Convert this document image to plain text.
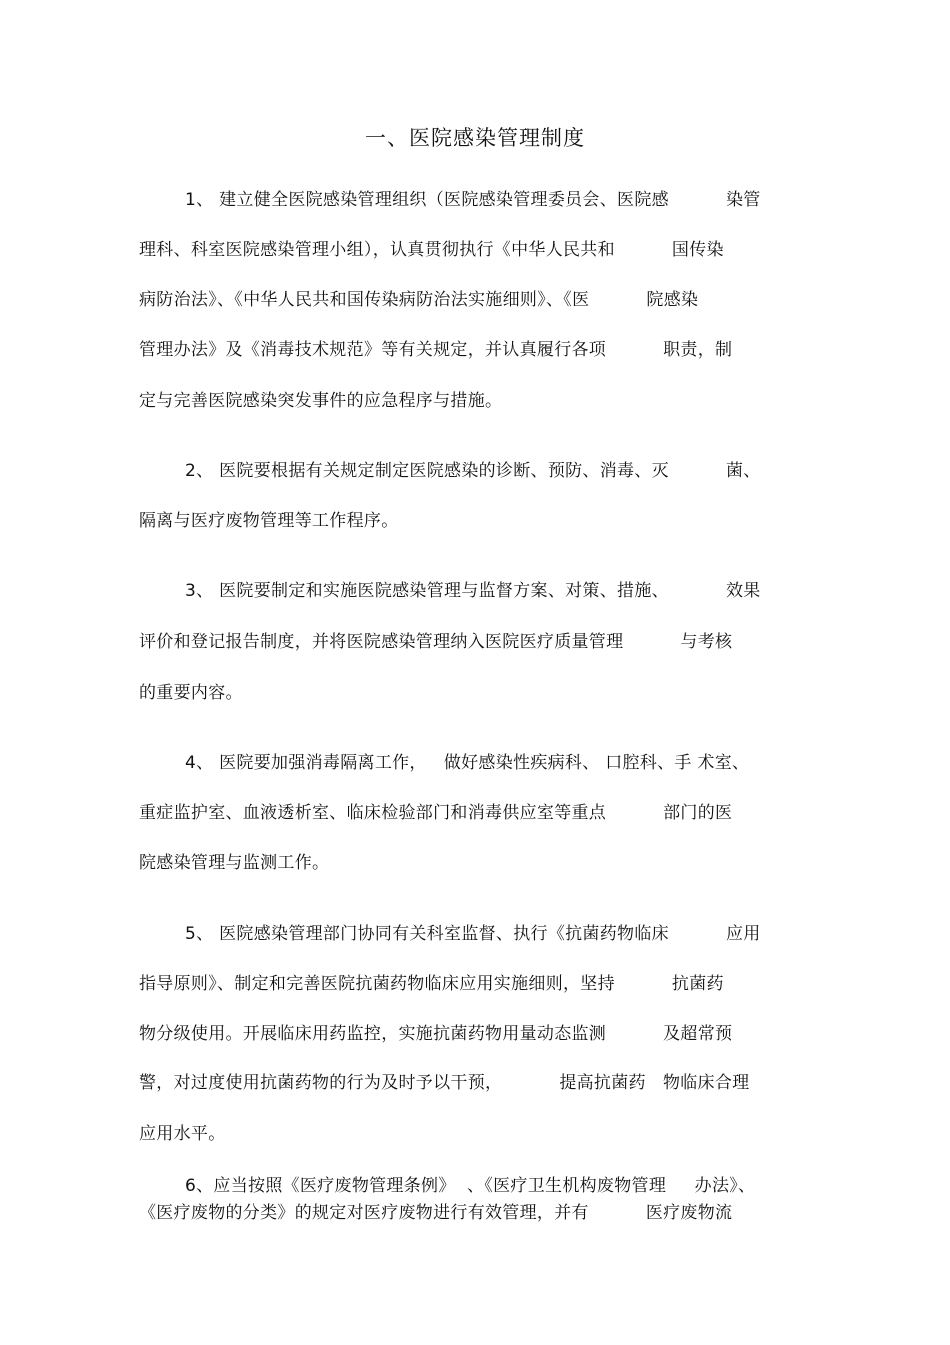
一、医院感染管理制度
1、 建立健全医院感染管理组织（医院感染管理委员会、医院感          染管
理科、科室医院感染管理小组），认真贯彻执行《中华人民共和          国传染
病防治法》、《中华人民共和国传染病防治法实施细则》、《医          院感染
管理办法》及《消毒技术规范》等有关规定，并认真履行各项          职责，制
定与完善医院感染突发事件的应急程序与措施。
2、 医院要根据有关规定制定医院感染的诊断、预防、消毒、灭          菌、
隔离与医疗废物管理等工作程序。
3、 医院要制定和实施医院感染管理与监督方案、对策、措施、          效果
评价和登记报告制度，并将医院感染管理纳入医院医疗质量管理          与考核
的重要内容。
4、 医院要加强消毒隔离工作，   做好感染性疾病科、 口腔科、手 术室、
重症监护室、血液透析室、临床检验部门和消毒供应室等重点          部门的医
院感染管理与监测工作。
5、 医院感染管理部门协同有关科室监督、执行《抗菌药物临床          应用
指导原则》、制定和完善医院抗菌药物临床应用实施细则，坚持          抗菌药
物分级使用。开展临床用药监控，实施抗菌药物用量动态监测          及超常预
警，对过度使用抗菌药物的行为及时予以干预，          提高抗菌药   物临床合理
应用水平。
6、应当按照《医疗废物管理条例》  、《医疗卫生机构废物管理     办法》、
《医疗废物的分类》的规定对医疗废物进行有效管理，并有          医疗废物流
